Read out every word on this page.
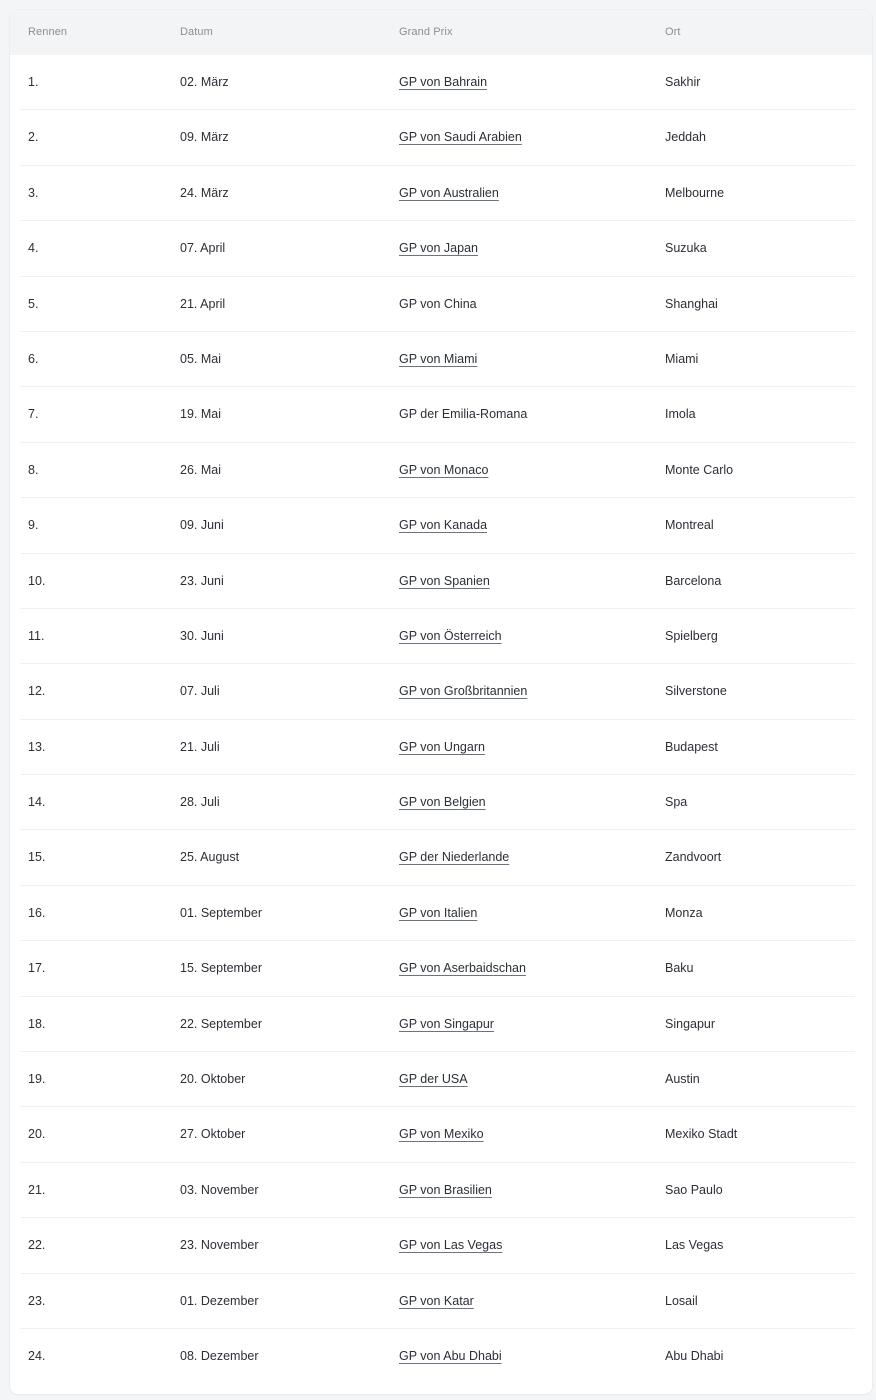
Rennen	Datum	Grand Prix	Ort
1.	02. März	GP von Bahrain	Sakhir
2.	09. März	GP von Saudi Arabien	Jeddah
3.	24. März	GP von Australien	Melbourne
4.	07. April	GP von Japan	Suzuka
5.	21. April	GP von China	Shanghai
6.	05. Mai	GP von Miami	Miami
7.	19. Mai	GP der Emilia-Romana	Imola
8.	26. Mai	GP von Monaco	Monte Carlo
9.	09. Juni	GP von Kanada	Montreal
10.	23. Juni	GP von Spanien	Barcelona
11.	30. Juni	GP von Österreich	Spielberg
12.	07. Juli	GP von Großbritannien	Silverstone
13.	21. Juli	GP von Ungarn	Budapest
14.	28. Juli	GP von Belgien	Spa
15.	25. August	GP der Niederlande	Zandvoort
16.	01. September	GP von Italien	Monza
17.	15. September	GP von Aserbaidschan	Baku
18.	22. September	GP von Singapur	Singapur
19.	20. Oktober	GP der USA	Austin
20.	27. Oktober	GP von Mexiko	Mexiko Stadt
21.	03. November	GP von Brasilien	Sao Paulo
22.	23. November	GP von Las Vegas	Las Vegas
23.	01. Dezember	GP von Katar	Losail
24.	08. Dezember	GP von Abu Dhabi	Abu Dhabi
